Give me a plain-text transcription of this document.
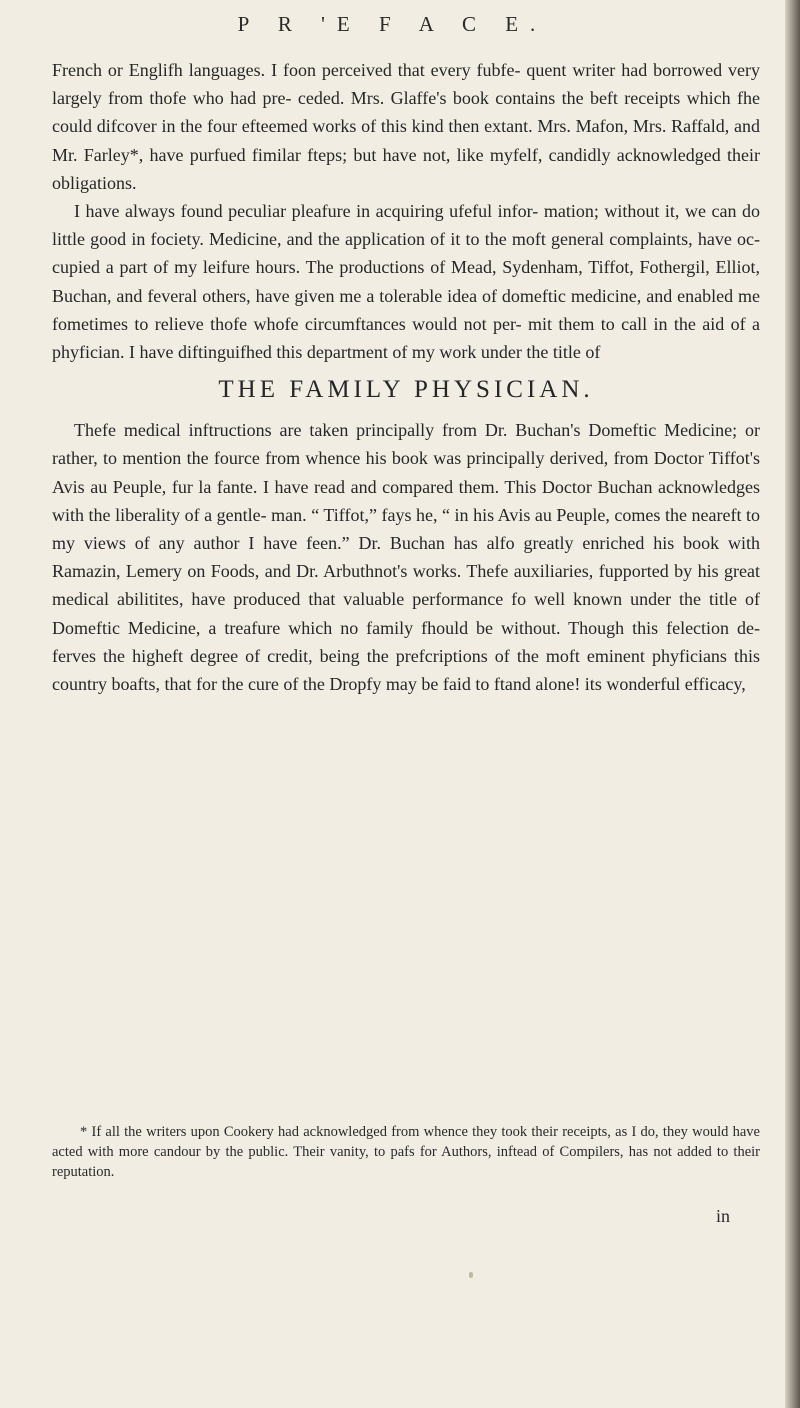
P R 'E F A C E.

French or Englifh languages. I foon perceived that every fubfe- quent writer had borrowed very largely from thofe who had pre- ceded. Mrs. Glaffe's book contains the beft receipts which fhe could difcover in the four efteemed works of this kind then extant. Mrs. Mafon, Mrs. Raffald, and Mr. Farley*, have purfued fimilar fteps; but have not, like myfelf, candidly acknowledged their obligations.

I have always found peculiar pleafure in acquiring ufeful infor- mation; without it, we can do little good in fociety. Medicine, and the application of it to the moft general complaints, have oc- cupied a part of my leifure hours. The productions of Mead, Sydenham, Tiffot, Fothergil, Elliot, Buchan, and feveral others, have given me a tolerable idea of domeftic medicine, and enabled me fometimes to relieve thofe whofe circumftances would not per- mit them to call in the aid of a phyfician. I have diftinguifhed this department of my work under the title of

THE FAMILY PHYSICIAN.

Thefe medical inftructions are taken principally from Dr. Buchan's Domeftic Medicine; or rather, to mention the fource from whence his book was principally derived, from Doctor Tiffot's Avis au Peuple, fur la fante. I have read and compared them. This Doctor Buchan acknowledges with the liberality of a gentle- man. “ Tiffot,” fays he, “ in his Avis au Peuple, comes the neareft to my views of any author I have feen.” Dr. Buchan has alfo greatly enriched his book with Ramazin, Lemery on Foods, and Dr. Arbuthnot's works. Thefe auxiliaries, fupported by his great medical abilitites, have produced that valuable performance fo well known under the title of Domeftic Medicine, a treafure which no family fhould be without. Though this felection de- ferves the higheft degree of credit, being the prefcriptions of the moft eminent phyficians this country boafts, that for the cure of the Dropfy may be faid to ftand alone! its wonderful efficacy,

* If all the writers upon Cookery had acknowledged from whence they took their receipts, as I do, they would have acted with more candour by the public. Their vanity, to pafs for Authors, inftead of Compilers, has not added to their reputation.
in
